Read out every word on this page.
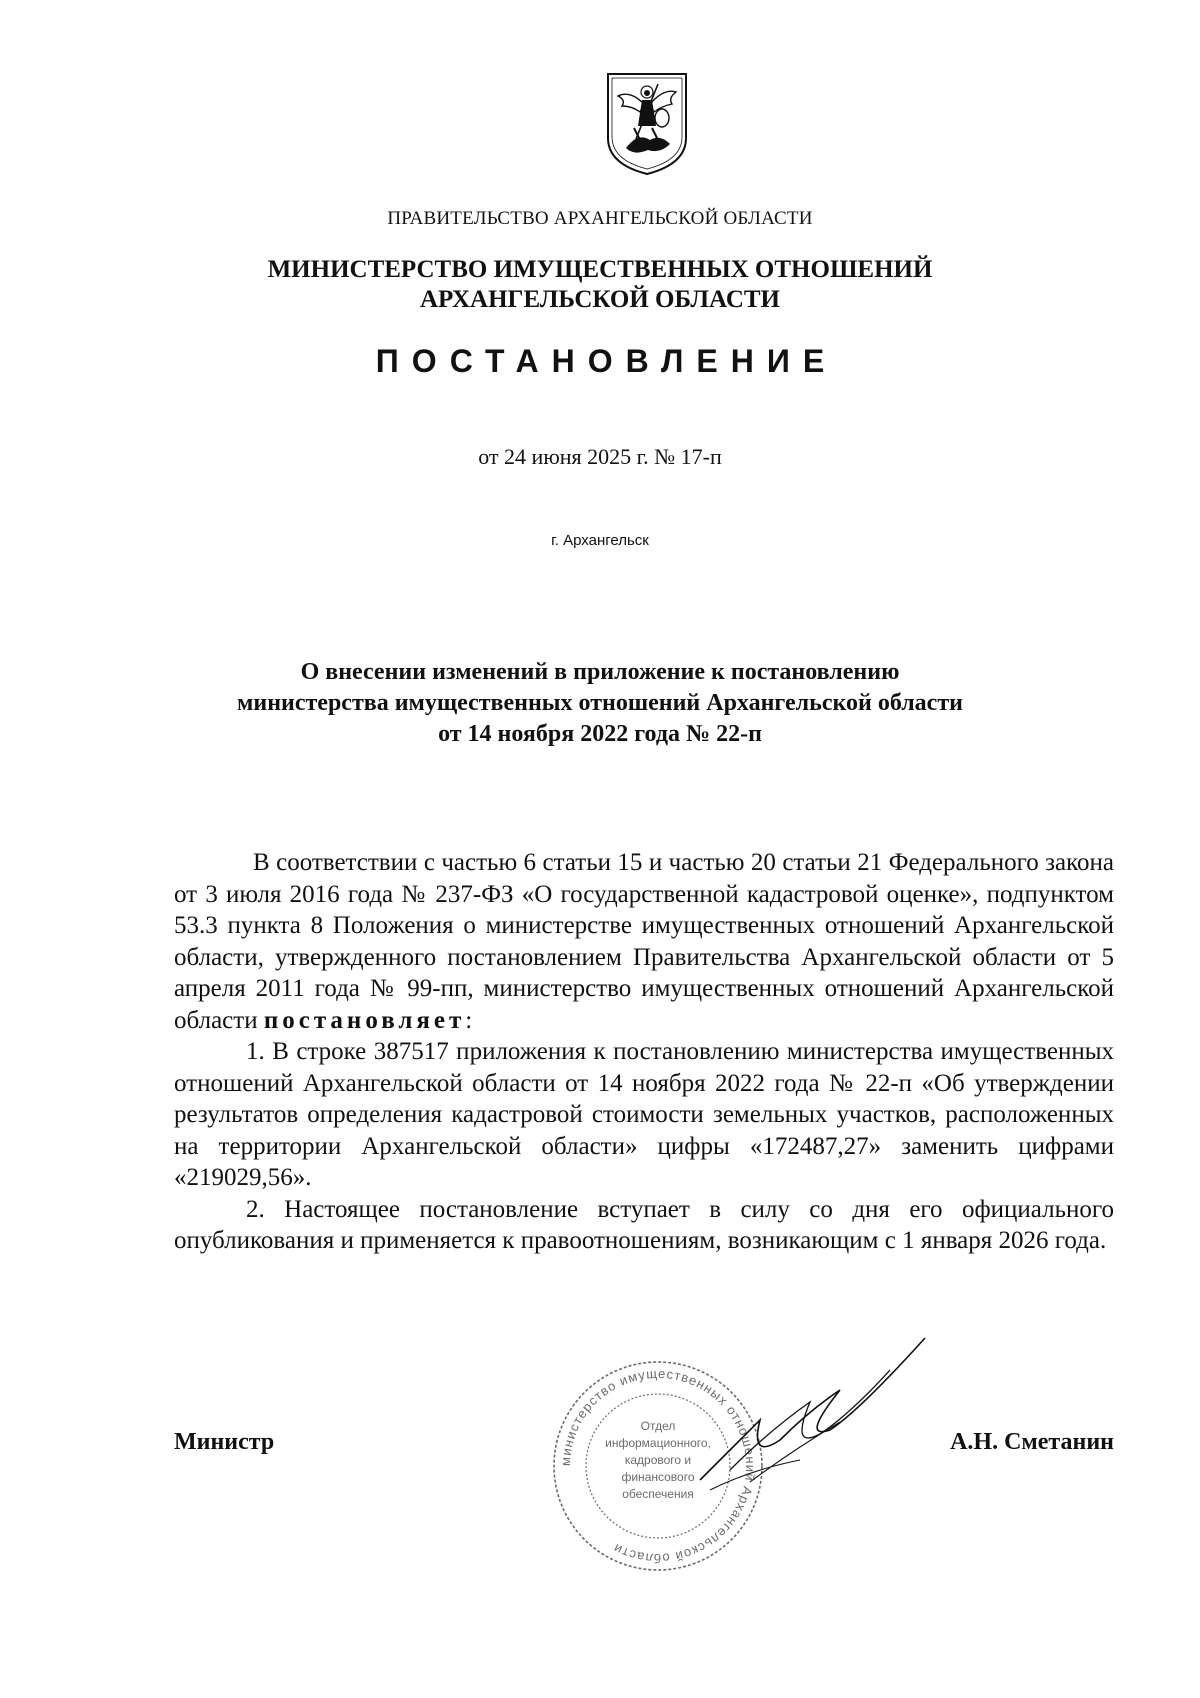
ПРАВИТЕЛЬСТВО АРХАНГЕЛЬСКОЙ ОБЛАСТИ
МИНИСТЕРСТВО ИМУЩЕСТВЕННЫХ ОТНОШЕНИЙ
АРХАНГЕЛЬСКОЙ ОБЛАСТИ
ПОСТАНОВЛЕНИЕ
от 24 июня 2025 г. № 17-п
г. Архангельск
О внесении изменений в приложение к постановлению
министерства имущественных отношений Архангельской области
от 14 ноября 2022 года № 22-п

В соответствии с частью 6 статьи 15 и частью 20 статьи 21 Федерального закона от 3 июля 2016 года № 237-ФЗ «О государственной кадастровой оценке», подпунктом 53.3 пункта 8 Положения о министерстве имущественных отношений Архангельской области, утвержденного постановлением Правительства Архангельской области от 5 апреля 2011 года № 99-пп, министерство имущественных отношений Архангельской области постановляет:

1. В строке 387517 приложения к постановлению министерства имущественных отношений Архангельской области от 14 ноября 2022 года № 22-п «Об утверждении результатов определения кадастровой стоимости земельных участков, расположенных на территории Архангельской области» цифры «172487,27» заменить цифрами «219029,56».

2. Настоящее постановление вступает в силу со дня его официального опубликования и применяется к правоотношениям, возникающим с 1 января 2026 года.

Министр
министерство имущественных отношений Архангельской области
Отдел информационного, кадрового и финансового обеспечения
А.Н. Сметанин
